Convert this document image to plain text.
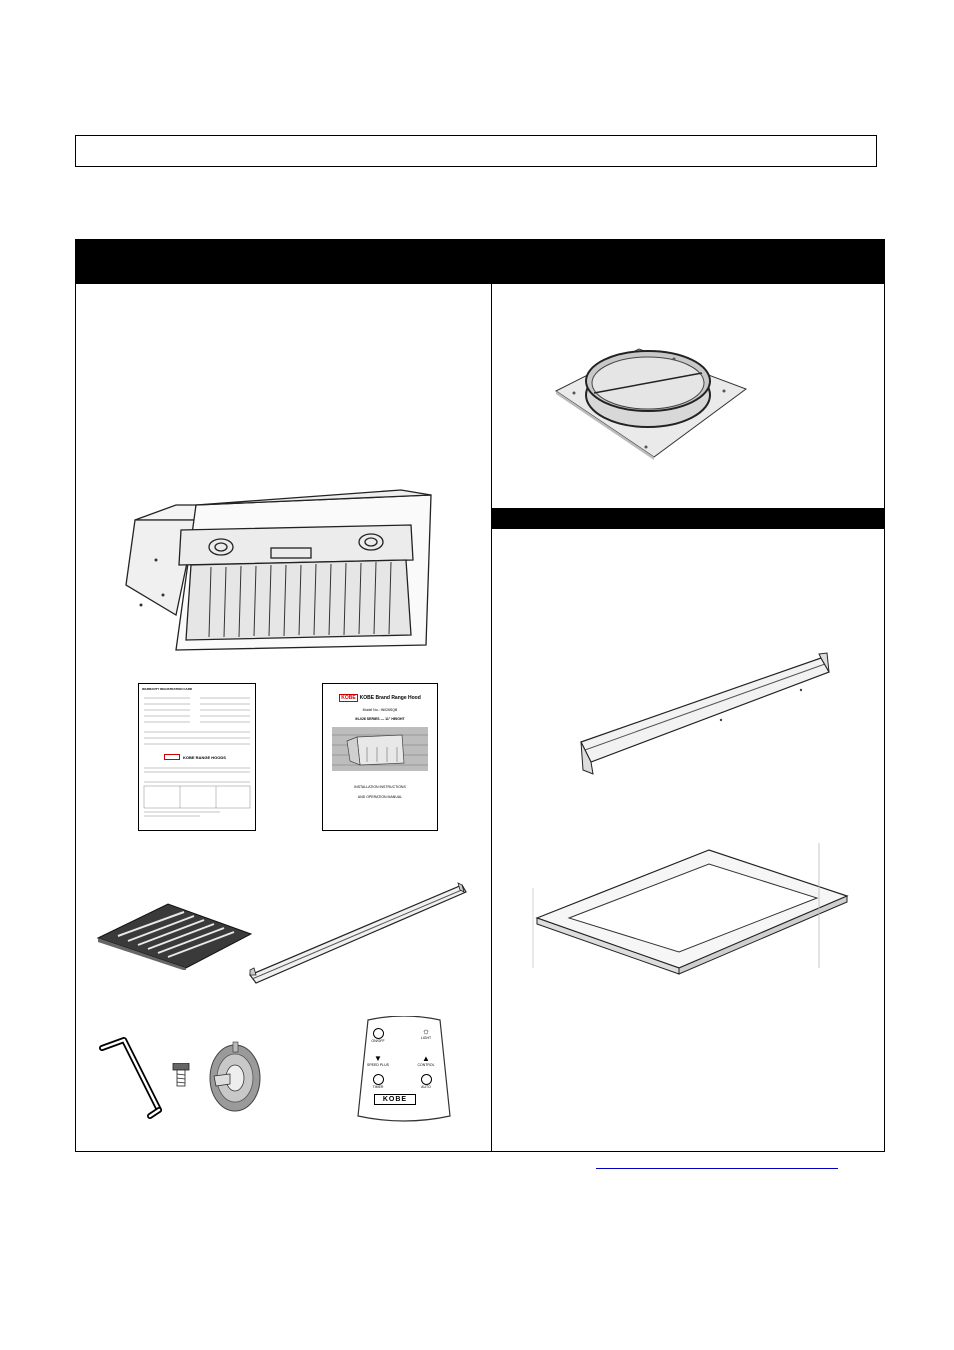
WARRANTY REGISTRATION CARD
KOBE RANGE HOODS
KOBE KOBE Brand Range Hood
Model No.: IN026SQB
IN-026 SERIES — 11" HEIGHT
INSTALLATION INSTRUCTIONS
AND OPERATION MANUAL
ON/OFF
☼
LIGHT
▼
SPEED PLUS
▲
CONTROL
TIMER	AUTO
KOBE
